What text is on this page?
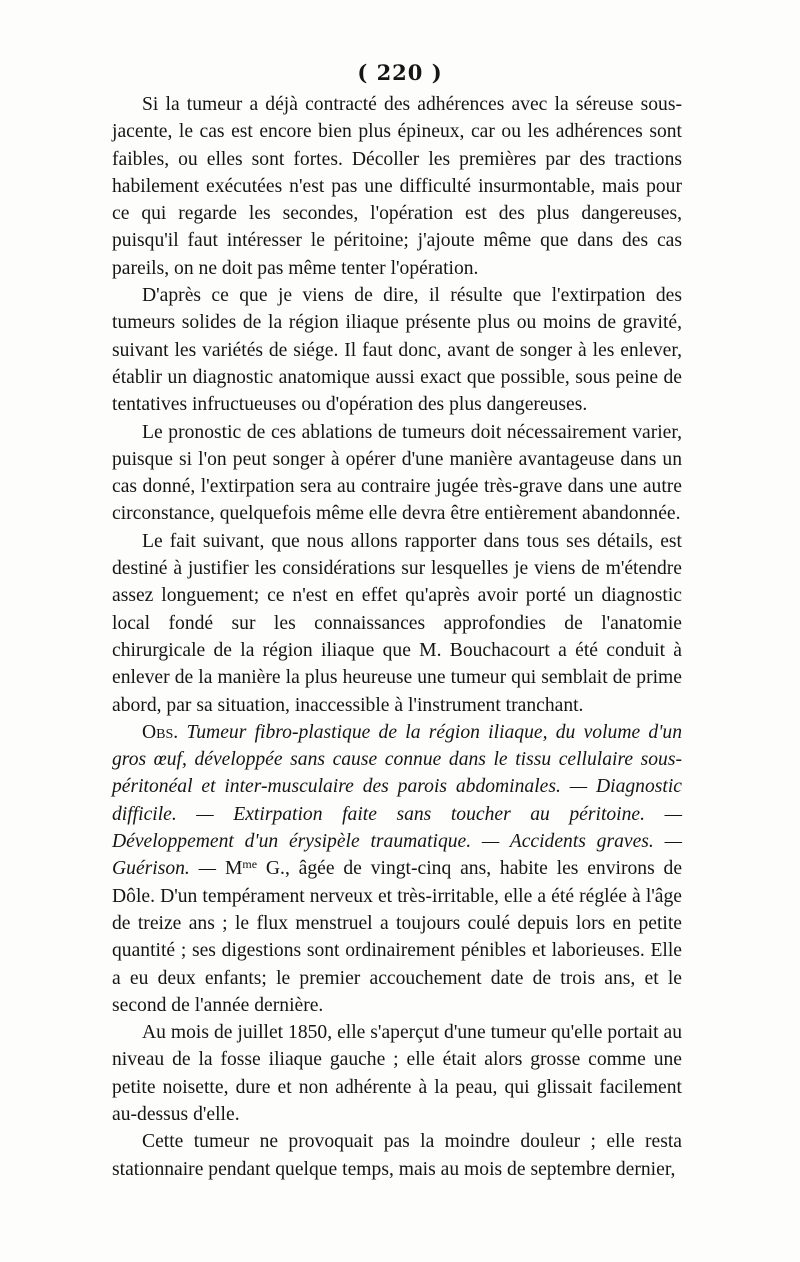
( 220 )

Si la tumeur a déjà contracté des adhérences avec la séreuse sous-jacente, le cas est encore bien plus épineux, car ou les adhérences sont faibles, ou elles sont fortes. Décoller les premières par des tractions habilement exécutées n'est pas une difficulté insurmontable, mais pour ce qui regarde les secondes, l'opération est des plus dangereuses, puisqu'il faut intéresser le péritoine; j'ajoute même que dans des cas pareils, on ne doit pas même tenter l'opération.

D'après ce que je viens de dire, il résulte que l'extirpation des tumeurs solides de la région iliaque présente plus ou moins de gravité, suivant les variétés de siége. Il faut donc, avant de songer à les enlever, établir un diagnostic anatomique aussi exact que possible, sous peine de tentatives infructueuses ou d'opération des plus dangereuses.

Le pronostic de ces ablations de tumeurs doit nécessairement varier, puisque si l'on peut songer à opérer d'une manière avantageuse dans un cas donné, l'extirpation sera au contraire jugée très-grave dans une autre circonstance, quelquefois même elle devra être entièrement abandonnée.

Le fait suivant, que nous allons rapporter dans tous ses détails, est destiné à justifier les considérations sur lesquelles je viens de m'étendre assez longuement; ce n'est en effet qu'après avoir porté un diagnostic local fondé sur les connaissances approfondies de l'anatomie chirurgicale de la région iliaque que M. Bouchacourt a été conduit à enlever de la manière la plus heureuse une tumeur qui semblait de prime abord, par sa situation, inaccessible à l'instrument tranchant.

Obs. Tumeur fibro-plastique de la région iliaque, du volume d'un gros œuf, développée sans cause connue dans le tissu cellulaire sous-péritonéal et inter-musculaire des parois abdominales. — Diagnostic difficile. — Extirpation faite sans toucher au péritoine. — Développement d'un érysipèle traumatique. — Accidents graves. — Guérison. — $M^{me}$ G., âgée de vingt-cinq ans, habite les environs de Dôle. D'un tempérament nerveux et très-irritable, elle a été réglée à l'âge de treize ans ; le flux menstruel a toujours coulé depuis lors en petite quantité ; ses digestions sont ordinairement pénibles et laborieuses. Elle a eu deux enfants; le premier accouchement date de trois ans, et le second de l'année dernière.

Au mois de juillet 1850, elle s'aperçut d'une tumeur qu'elle portait au niveau de la fosse iliaque gauche ; elle était alors grosse comme une petite noisette, dure et non adhérente à la peau, qui glissait facilement au-dessus d'elle.

Cette tumeur ne provoquait pas la moindre douleur ; elle resta stationnaire pendant quelque temps, mais au mois de septembre dernier,
